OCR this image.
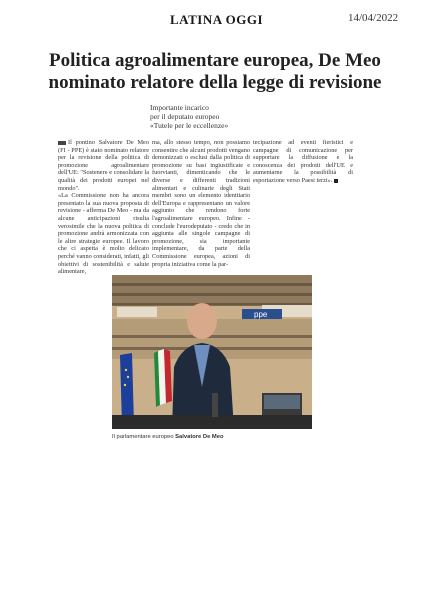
LATINA OGGI	14/04/2022
Politica agroalimentare europea, De Meo
nominato relatore della legge di revisione
Importante incarico
per il deputato europeo
«Tutele per le eccellenze»

Il pontino Salvatore De Meo (FI - PPE) è stato nominato relatore per la revisione della politica di promozione agroalimentare dell'UE: "Sostenere e consolidare la qualità dei prodotti europei nel mondo".

«La Commissione non ha ancora presentato la sua nuova proposta di revisione - afferma De Meo - ma da alcune anticipazioni risulta verosimile che la nuova politica di promozione andrà armonizzata con le altre strategie europee. Il lavoro che ci aspetta è molto delicato perché vanno considerati, infatti, gli obiettivi di sostenibilità e salute alimentare,

ma, allo stesso tempo, non possiamo consentire che alcuni prodotti vengano demonizzati o esclusi dalla politica di promozione su basi ingiustificate e fuorvianti, dimenticando che le diverse e differenti tradizioni alimentari e culinarie degli Stati membri sono un elemento identitario dell'Europa e rappresentano un valore aggiunto che rendono forte l'agroalimentare europeo. Infine - conclude l'eurodeputato - credo che in aggiunta alle singole campagne di promozione, sia importante implementare, da parte della Commissione europea, azioni di propria iniziativa come la par-

tecipazione ad eventi fieristici e campagne di comunicazione per supportare la diffusione e la conoscenza dei prodotti dell'UE e aumentarne la possibilità di esportazione verso Paesi terzi».

ppe
Il parlamentare europeo Salvatore De Meo
